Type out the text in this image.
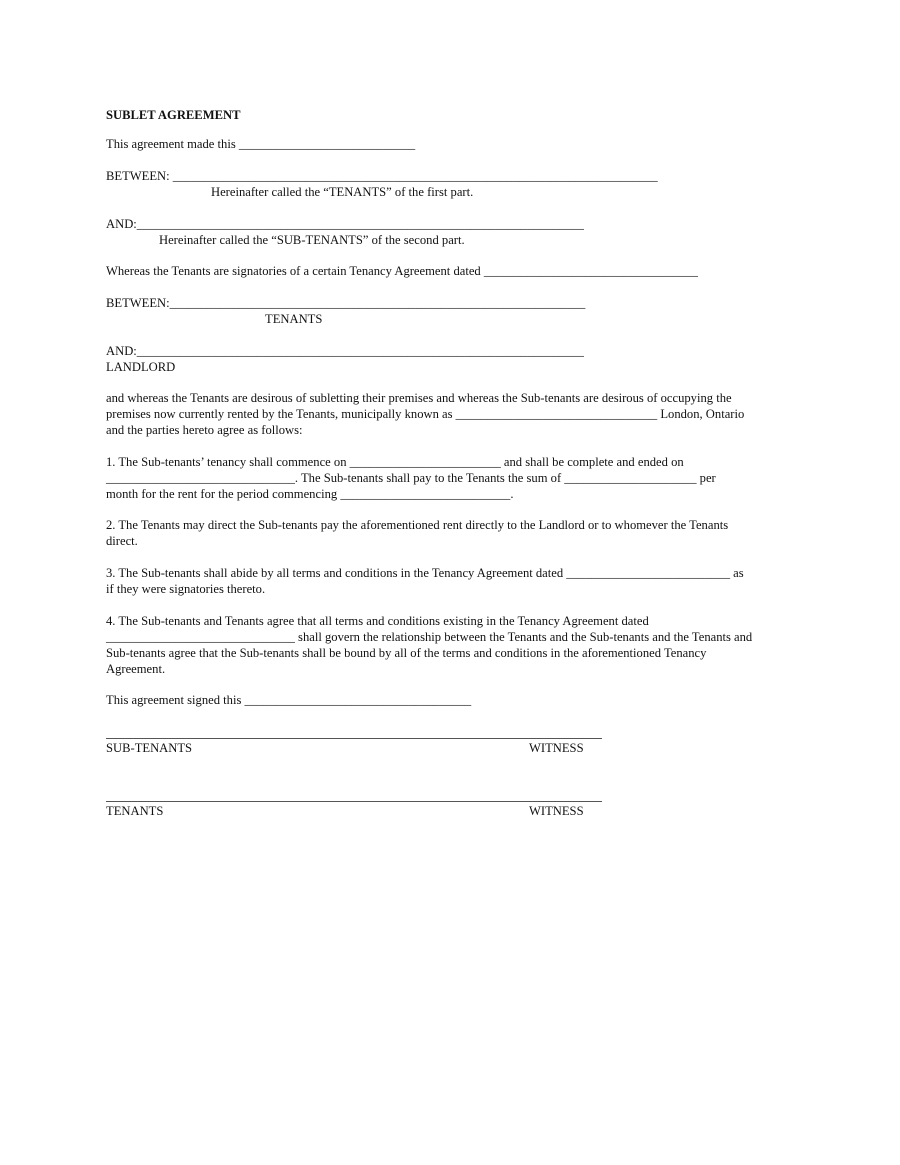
SUBLET AGREEMENT
This agreement made this ____________________________
BETWEEN: _____________________________________________________________________________
Hereinafter called the “TENANTS” of the first part.
AND:_______________________________________________________________________
Hereinafter called the “SUB-TENANTS” of the second part.
Whereas the Tenants are signatories of a certain Tenancy Agreement dated __________________________________
BETWEEN:__________________________________________________________________
TENANTS
AND:_______________________________________________________________________
LANDLORD
and whereas the Tenants are desirous of subletting their premises and whereas the Sub-tenants are desirous of occupying the
premises now currently rented by the Tenants, municipally known as ________________________________ London, Ontario
and the parties hereto agree as follows:
1. The Sub-tenants’ tenancy shall commence on ________________________ and shall be complete and ended on
______________________________. The Sub-tenants shall pay to the Tenants the sum of _____________________ per
month for the rent for the period commencing ___________________________.
2. The Tenants may direct the Sub-tenants pay the aforementioned rent directly to the Landlord or to whomever the Tenants
direct.
3. The Sub-tenants shall abide by all terms and conditions in the Tenancy Agreement dated __________________________ as
if they were signatories thereto.
4. The Sub-tenants and Tenants agree that all terms and conditions existing in the Tenancy Agreement dated
______________________________ shall govern the relationship between the Tenants and the Sub-tenants and the Tenants and
Sub-tenants agree that the Sub-tenants shall be bound by all of the terms and conditions in the aforementioned Tenancy
Agreement.
This agreement signed this ____________________________________
SUB-TENANTS	WITNESS
TENANTS	WITNESS
